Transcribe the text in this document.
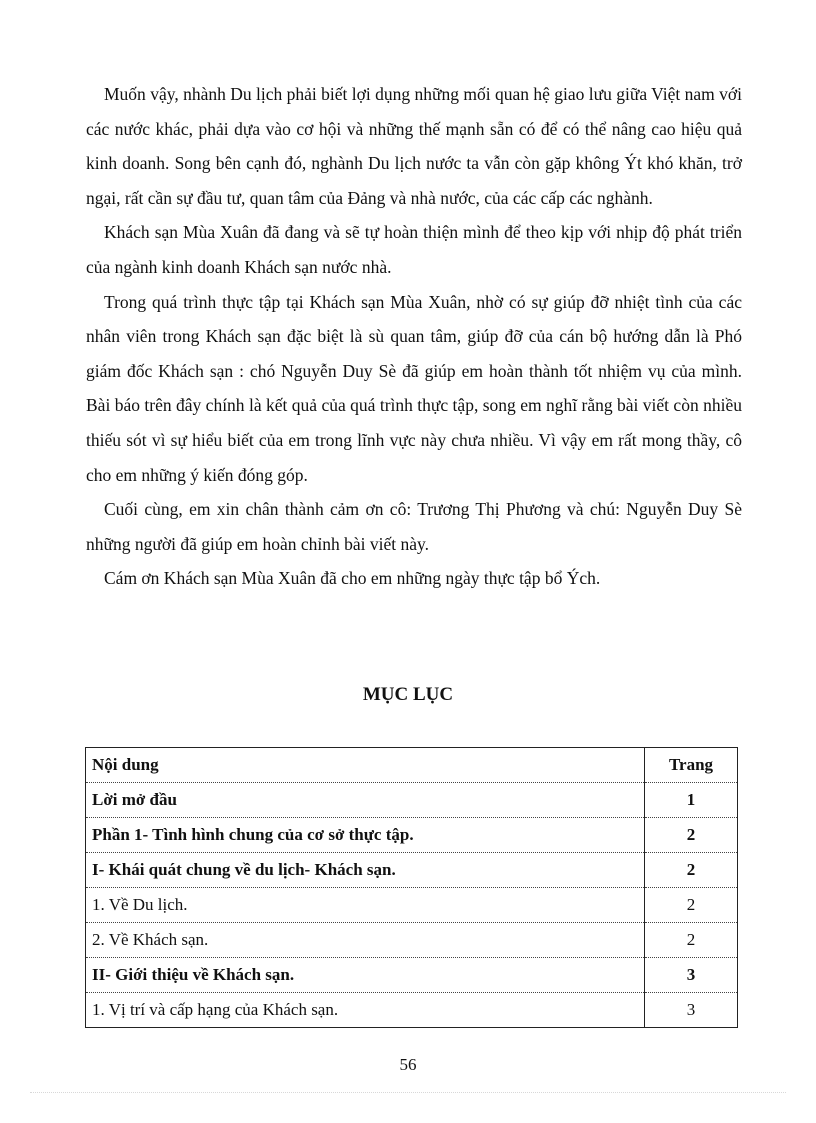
Muốn vậy, nhành Du lịch phải biết lợi dụng những mối quan hệ giao lưu giữa Việt nam với các nước khác, phải dựa vào cơ hội và những thế mạnh sẵn có để có thể nâng cao hiệu quả kinh doanh. Song bên cạnh đó, nghành Du lịch nước ta vẫn còn gặp không Ýt khó khăn, trở ngại, rất cần sự đầu tư, quan tâm của Đảng và nhà nước, của các cấp các nghành.

Khách sạn Mùa Xuân đã đang và sẽ tự hoàn thiện mình để theo kịp với nhịp độ phát triển của ngành kinh doanh Khách sạn nước nhà.

Trong quá trình thực tập tại Khách sạn Mùa Xuân, nhờ có sự giúp đỡ nhiệt tình của các nhân viên trong Khách sạn đặc biệt là sù quan tâm, giúp đỡ của cán bộ hướng dẫn là Phó giám đốc Khách sạn : chó Nguyễn Duy Sè đã giúp em hoàn thành tốt nhiệm vụ của mình. Bài báo trên đây chính là kết quả của quá trình thực tập, song em nghĩ rằng bài viết còn nhiều thiếu sót vì sự hiểu biết của em trong lĩnh vực này chưa nhiều. Vì vậy em rất mong thầy, cô cho em những ý kiến đóng góp.

Cuối cùng, em xin chân thành cảm ơn cô: Trương Thị Phương và chú: Nguyễn Duy Sè những người đã giúp em hoàn chỉnh bài viết này.

Cám ơn Khách sạn Mùa Xuân đã cho em những ngày thực tập bổ Ých.

MỤC LỤC
Nội dung	Trang
Lời mở đầu	1
Phần 1- Tình hình chung của cơ sở thực tập.	2
I- Khái quát chung về du lịch- Khách sạn.	2
1. Về Du lịch.	2
2. Về Khách sạn.	2
II- Giới thiệu về Khách sạn.	3
1. Vị trí và cấp hạng của Khách sạn.	3
56
